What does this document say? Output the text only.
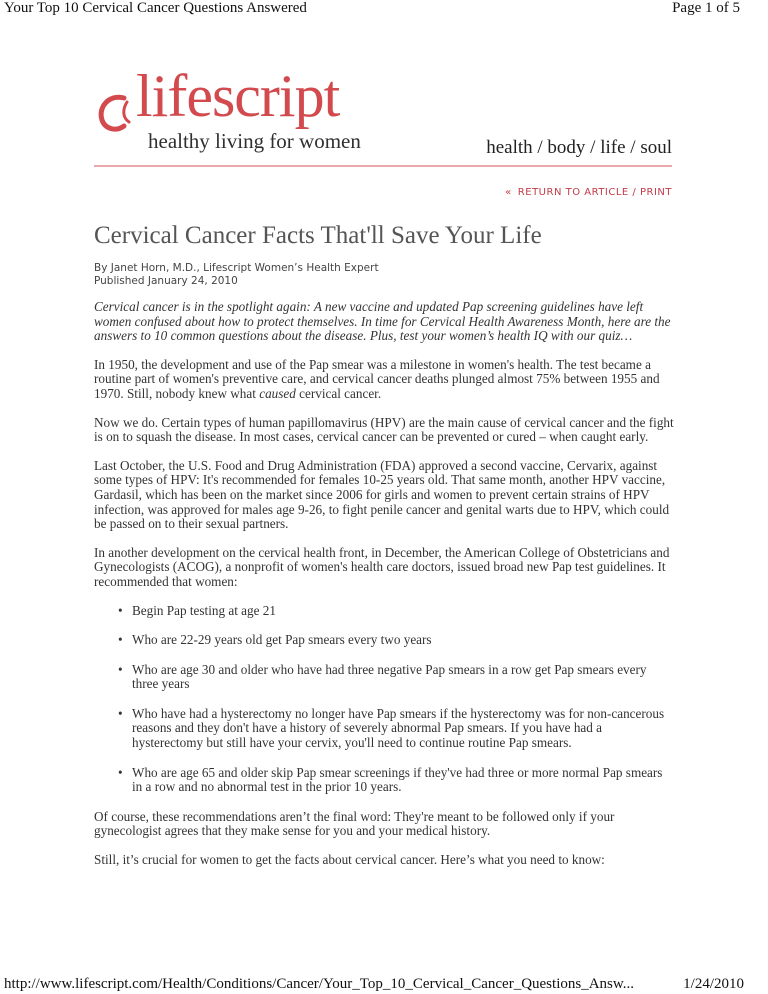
Your Top 10 Cervical Cancer Questions Answered	Page 1 of 5
lifescript
healthy living for women	health / body / life / soul
« RETURN TO ARTICLE / PRINT
Cervical Cancer Facts That'll Save Your Life
By Janet Horn, M.D., Lifescript Women’s Health Expert
Published January 24, 2010

Cervical cancer is in the spotlight again: A new vaccine and updated Pap screening guidelines have left women confused about how to protect themselves. In time for Cervical Health Awareness Month, here are the answers to 10 common questions about the disease. Plus, test your women’s health IQ with our quiz…

In 1950, the development and use of the Pap smear was a milestone in women's health. The test became a routine part of women's preventive care, and cervical cancer deaths plunged almost 75% between 1955 and 1970. Still, nobody knew what caused cervical cancer.

Now we do. Certain types of human papillomavirus (HPV) are the main cause of cervical cancer and the fight is on to squash the disease. In most cases, cervical cancer can be prevented or cured – when caught early.

Last October, the U.S. Food and Drug Administration (FDA) approved a second vaccine, Cervarix, against some types of HPV: It's recommended for females 10-25 years old. That same month, another HPV vaccine, Gardasil, which has been on the market since 2006 for girls and women to prevent certain strains of HPV infection, was approved for males age 9-26, to fight penile cancer and genital warts due to HPV, which could be passed on to their sexual partners.

In another development on the cervical health front, in December, the American College of Obstetricians and Gynecologists (ACOG), a nonprofit of women's health care doctors, issued broad new Pap test guidelines. It recommended that women:

• Begin Pap testing at age 21
• Who are 22-29 years old get Pap smears every two years
• Who are age 30 and older who have had three negative Pap smears in a row get Pap smears every three years
• Who have had a hysterectomy no longer have Pap smears if the hysterectomy was for non-cancerous reasons and they don't have a history of severely abnormal Pap smears. If you have had a hysterectomy but still have your cervix, you'll need to continue routine Pap smears.
• Who are age 65 and older skip Pap smear screenings if they've had three or more normal Pap smears in a row and no abnormal test in the prior 10 years.

Of course, these recommendations aren’t the final word: They're meant to be followed only if your gynecologist agrees that they make sense for you and your medical history.

Still, it’s crucial for women to get the facts about cervical cancer. Here’s what you need to know:

http://www.lifescript.com/Health/Conditions/Cancer/Your_Top_10_Cervical_Cancer_Questions_Answ...	1/24/2010
